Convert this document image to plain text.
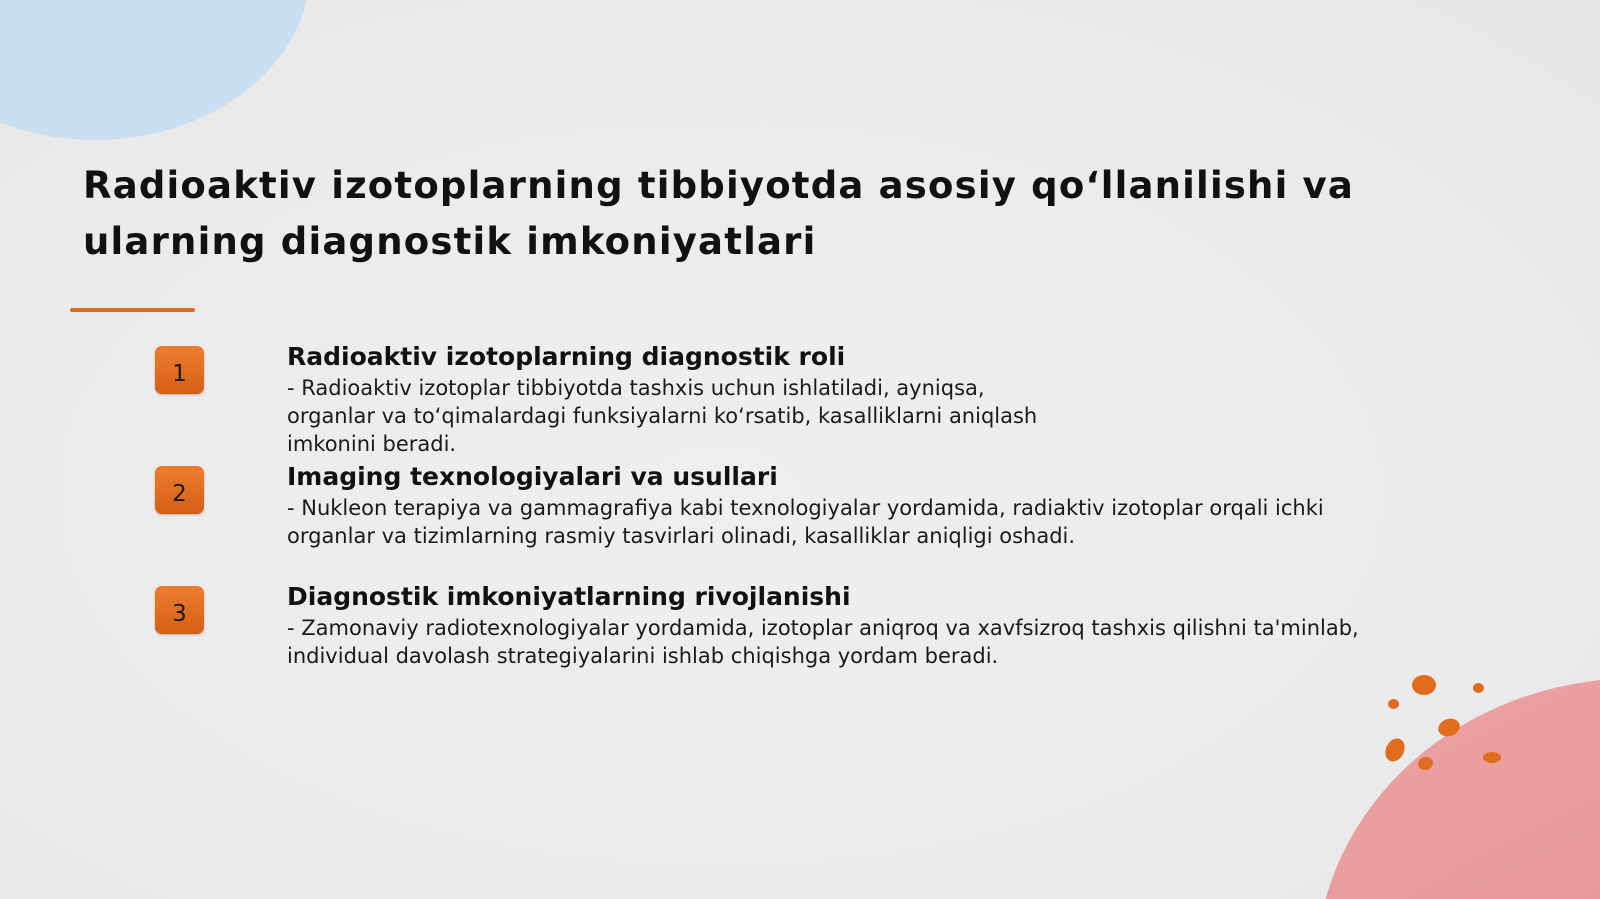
Radioaktiv izotoplarning tibbiyotda asosiy qo‘llanilishi va ularning diagnostik imkoniyatlari
1
Radioaktiv izotoplarning diagnostik roli

- Radioaktiv izotoplar tibbiyotda tashxis uchun ishlatiladi, ayniqsa,
organlar va to‘qimalardagi funksiyalarni ko‘rsatib, kasalliklarni aniqlash
imkonini beradi.

2
Imaging texnologiyalari va usullari

- Nukleon terapiya va gammagrafiya kabi texnologiyalar yordamida, radiaktiv izotoplar orqali ichki
organlar va tizimlarning rasmiy tasvirlari olinadi, kasalliklar aniqligi oshadi.

3
Diagnostik imkoniyatlarning rivojlanishi

- Zamonaviy radiotexnologiyalar yordamida, izotoplar aniqroq va xavfsizroq tashxis qilishni ta'minlab,
individual davolash strategiyalarini ishlab chiqishga yordam beradi.
